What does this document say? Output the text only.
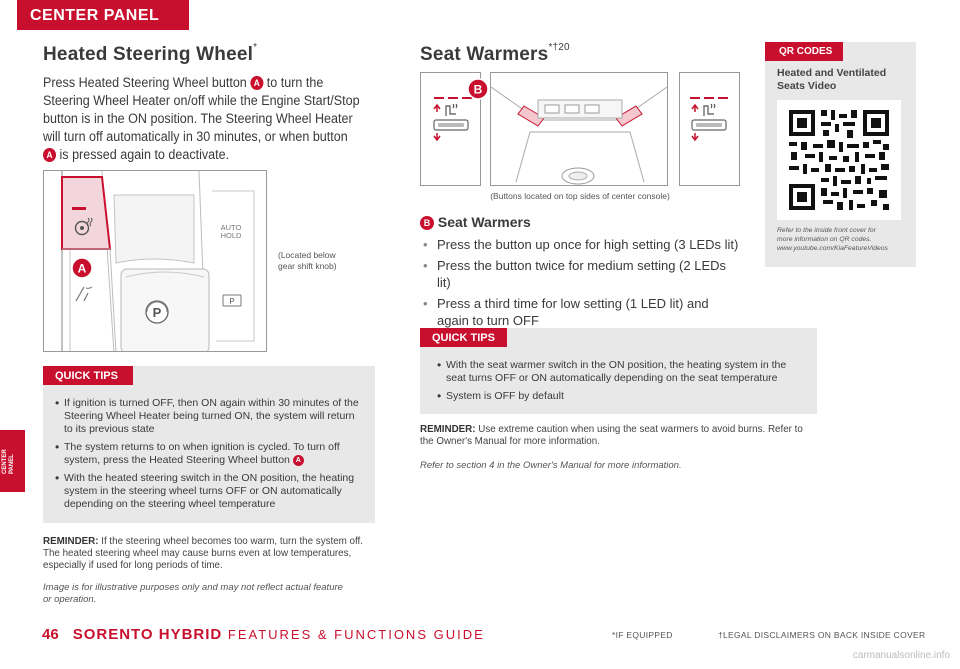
CENTER PANEL
CENTER
PANEL
Heated Steering Wheel*
Press Heated Steering Wheel button A to turn the Steering Wheel Heater on/off while the Engine Start/Stop button is in the ON position. The Steering Wheel Heater will turn off automatically in 30 minutes, or when button A is pressed again to deactivate.
P
AUTO
HOLD
P
A
(Located below gear shift knob)
QUICK TIPS
• If ignition is turned OFF, then ON again within 30 minutes of the Steering Wheel Heater being turned ON, the system will return to its previous state
• The system returns to on when ignition is cycled. To turn off system, press the Heated Steering Wheel button A
• With the heated steering switch in the ON position, the heating system in the steering wheel turns OFF or ON automatically depending on the steering wheel temperature
REMINDER: If the steering wheel becomes too warm, turn the system off. The heated steering wheel may cause burns even at low temperatures, especially if used for long periods of time.
Image is for illustrative purposes only and may not reflect actual feature or operation.
Seat Warmers$^{*\dagger 20}$
B
(Buttons located on top sides of center console)
B Seat Warmers
• Press the button up once for high setting (3 LEDs lit)
• Press the button twice for medium setting (2 LEDs lit)
• Press a third time for low setting (1 LED lit) and again to turn OFF
QUICK TIPS
• With the seat warmer switch in the ON position, the heating system in the seat turns OFF or ON automatically depending on the seat temperature
• System is OFF by default
REMINDER: Use extreme caution when using the seat warmers to avoid burns. Refer to the Owner's Manual for more information.
Refer to section 4 in the Owner's Manual for more information.
QR CODES
Heated and Ventilated Seats Video
Refer to the inside front cover for
more information on QR codes.
www.youtube.com/KiaFeatureVideos
46 SORENTO HYBRID FEATURES & FUNCTIONS GUIDE	*IF EQUIPPED	†LEGAL DISCLAIMERS ON BACK INSIDE COVER
carmanualsonline.info
